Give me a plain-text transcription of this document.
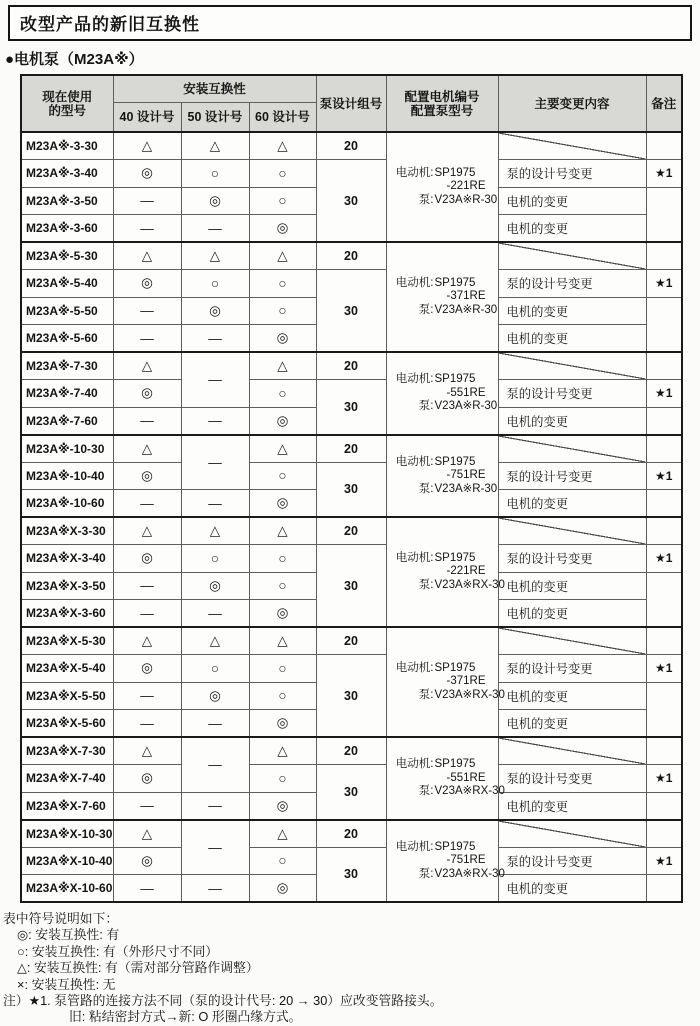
改型产品的新旧互换性
●电机泵（M23A※）
现在使用
的型号	安装互换性			泵设计组号	配置电机编号
配置泵型号	主要变更内容	备注
	40 设计号	50 设计号	60 设计号				
M23A※-3-30	△	△	△	20	电动机: SP1975
-221RE
泵: V23A※R-30		

M23A※-3-40	◎	○	○	30		泵的设计号变更	★1
M23A※-3-50	—	◎	○			电机的变更	
M23A※-3-60	—	—	◎			电机的变更	
M23A※-5-30	△	△	△	20	电动机: SP1975
-371RE
泵: V23A※R-30		

M23A※-5-40	◎	○	○	30		泵的设计号变更	★1
M23A※-5-50	—	◎	○			电机的变更	
M23A※-5-60	—	—	◎			电机的变更	
M23A※-7-30	△	—	△	20	电动机: SP1975
-551RE
泵: V23A※R-30		

M23A※-7-40	◎		○	30		泵的设计号变更	★1
M23A※-7-60	—	—	◎			电机的变更	
M23A※-10-30	△	—	△	20	电动机: SP1975
-751RE
泵: V23A※R-30		

M23A※-10-40	◎		○	30		泵的设计号变更	★1
M23A※-10-60	—	—	◎			电机的变更	
M23A※X-3-30	△	△	△	20	电动机: SP1975
-221RE
泵: V23A※RX-30		

M23A※X-3-40	◎	○	○	30		泵的设计号变更	★1
M23A※X-3-50	—	◎	○			电机的变更	
M23A※X-3-60	—	—	◎			电机的变更	
M23A※X-5-30	△	△	△	20	电动机: SP1975
-371RE
泵: V23A※RX-30		

M23A※X-5-40	◎	○	○	30		泵的设计号变更	★1
M23A※X-5-50	—	◎	○			电机的变更	
M23A※X-5-60	—	—	◎			电机的变更	
M23A※X-7-30	△	—	△	20	电动机: SP1975
-551RE
泵: V23A※RX-30		

M23A※X-7-40	◎		○	30		泵的设计号变更	★1
M23A※X-7-60	—	—	◎			电机的变更	
M23A※X-10-30	△	—	△	20	电动机: SP1975
-751RE
泵: V23A※RX-30		

M23A※X-10-40	◎		○	30		泵的设计号变更	★1
M23A※X-10-60	—	—	◎			电机的变更	
表中符号说明如下：
◎: 安装互换性: 有
○: 安装互换性: 有（外形尺寸不同）
△: 安装互换性: 有（需对部分管路作调整）
×: 安装互换性: 无
注）★1. 泵管路的连接方法不同（泵的设计代号: 20 → 30）应改变管路接头。
旧: 粘结密封方式→新: O 形圈凸缘方式。
